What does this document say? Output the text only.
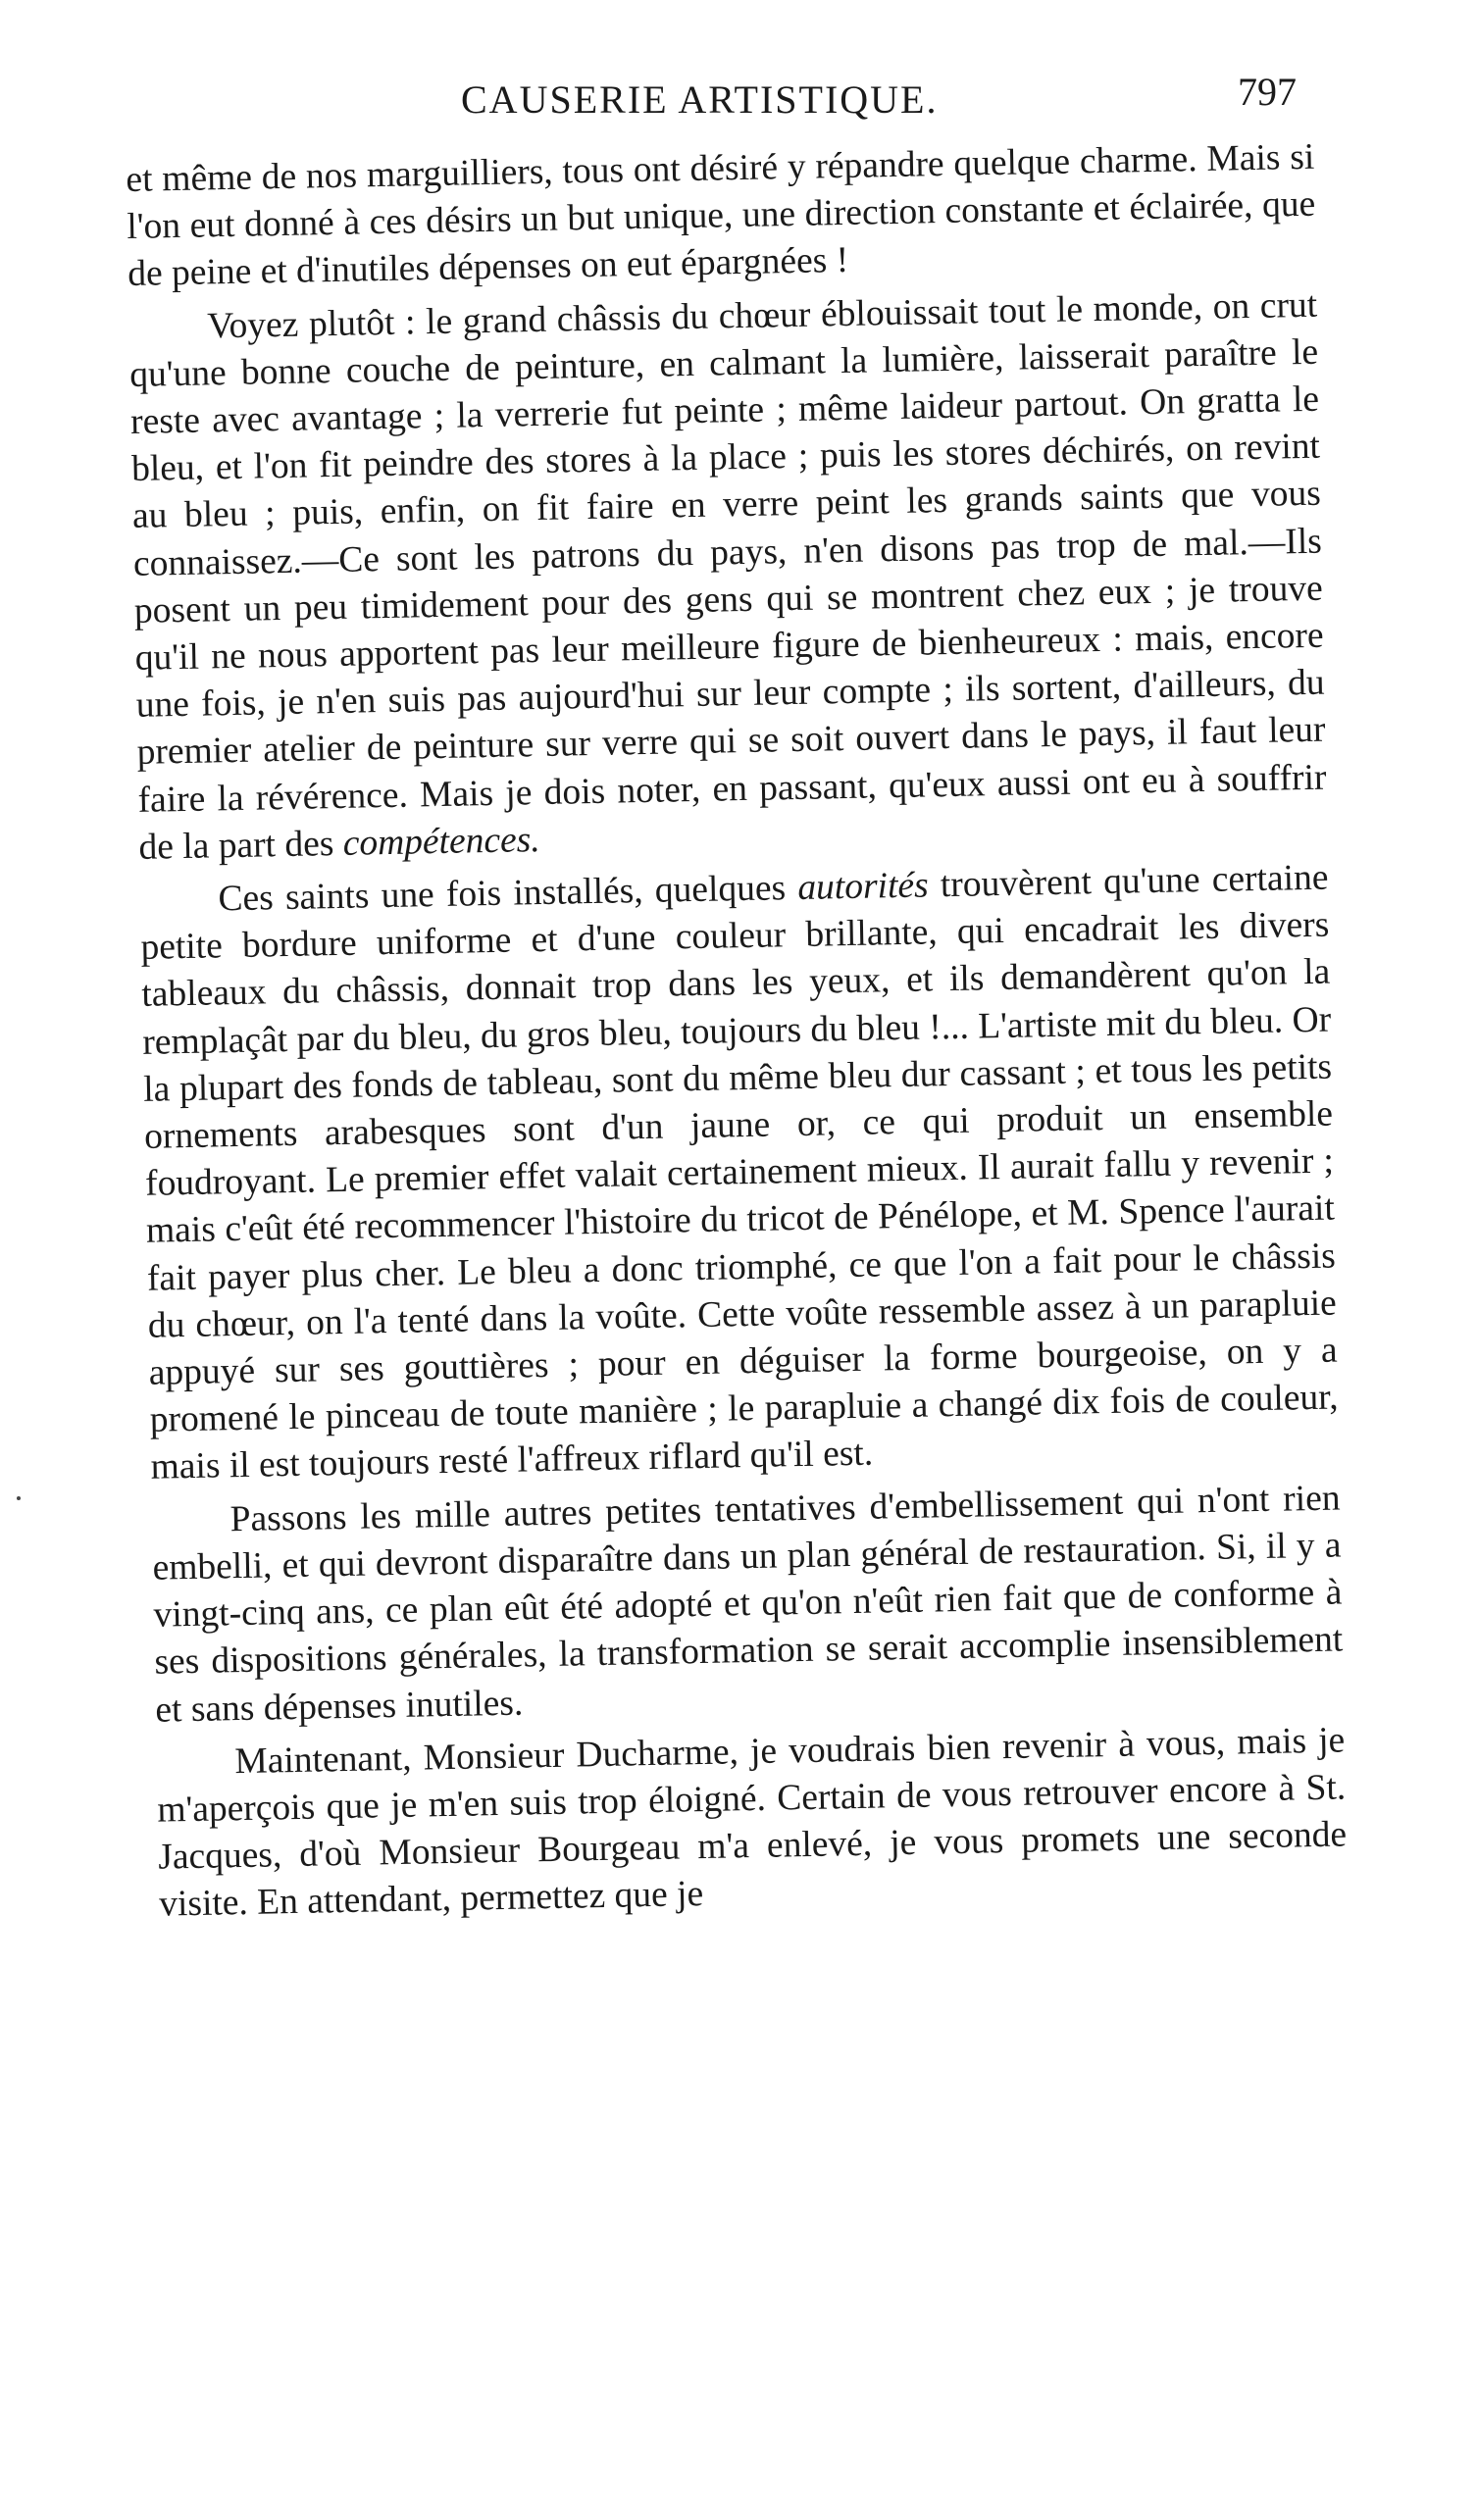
CAUSERIE ARTISTIQUE.	797

et même de nos marguilliers, tous ont désiré y répandre quelque charme. Mais si l'on eut donné à ces désirs un but unique, une direction constante et éclairée, que de peine et d'inutiles dépenses on eut épargnées !

Voyez plutôt : le grand châssis du chœur éblouissait tout le monde, on crut qu'une bonne couche de peinture, en calmant la lumière, laisserait paraître le reste avec avantage ; la verrerie fut peinte ; même laideur partout. On gratta le bleu, et l'on fit peindre des stores à la place ; puis les stores déchirés, on revint au bleu ; puis, enfin, on fit faire en verre peint les grands saints que vous connaissez.—Ce sont les patrons du pays, n'en disons pas trop de mal.—Ils posent un peu timidement pour des gens qui se montrent chez eux ; je trouve qu'il ne nous apportent pas leur meilleure figure de bienheureux : mais, encore une fois, je n'en suis pas aujourd'hui sur leur compte ; ils sortent, d'ailleurs, du premier atelier de peinture sur verre qui se soit ouvert dans le pays, il faut leur faire la révérence. Mais je dois noter, en passant, qu'eux aussi ont eu à souffrir de la part des compétences.

Ces saints une fois installés, quelques autorités trouvèrent qu'une certaine petite bordure uniforme et d'une couleur brillante, qui encadrait les divers tableaux du châssis, donnait trop dans les yeux, et ils demandèrent qu'on la remplaçât par du bleu, du gros bleu, toujours du bleu !... L'artiste mit du bleu. Or la plupart des fonds de tableau, sont du même bleu dur cassant ; et tous les petits ornements arabesques sont d'un jaune or, ce qui produit un ensemble foudroyant. Le premier effet valait certainement mieux. Il aurait fallu y revenir ; mais c'eût été recommencer l'histoire du tricot de Pénélope, et M. Spence l'aurait fait payer plus cher. Le bleu a donc triomphé, ce que l'on a fait pour le châssis du chœur, on l'a tenté dans la voûte. Cette voûte ressemble assez à un parapluie appuyé sur ses gouttières ; pour en déguiser la forme bourgeoise, on y a promené le pinceau de toute manière ; le parapluie a changé dix fois de couleur, mais il est toujours resté l'affreux riflard qu'il est.

Passons les mille autres petites tentatives d'embellissement qui n'ont rien embelli, et qui devront disparaître dans un plan général de restauration. Si, il y a vingt-cinq ans, ce plan eût été adopté et qu'on n'eût rien fait que de conforme à ses dispositions générales, la transformation se serait accomplie insensiblement et sans dépenses inutiles.

Maintenant, Monsieur Ducharme, je voudrais bien revenir à vous, mais je m'aperçois que je m'en suis trop éloigné. Certain de vous retrouver encore à St. Jacques, d'où Monsieur Bourgeau m'a enlevé, je vous promets une seconde visite. En attendant, permettez que je
